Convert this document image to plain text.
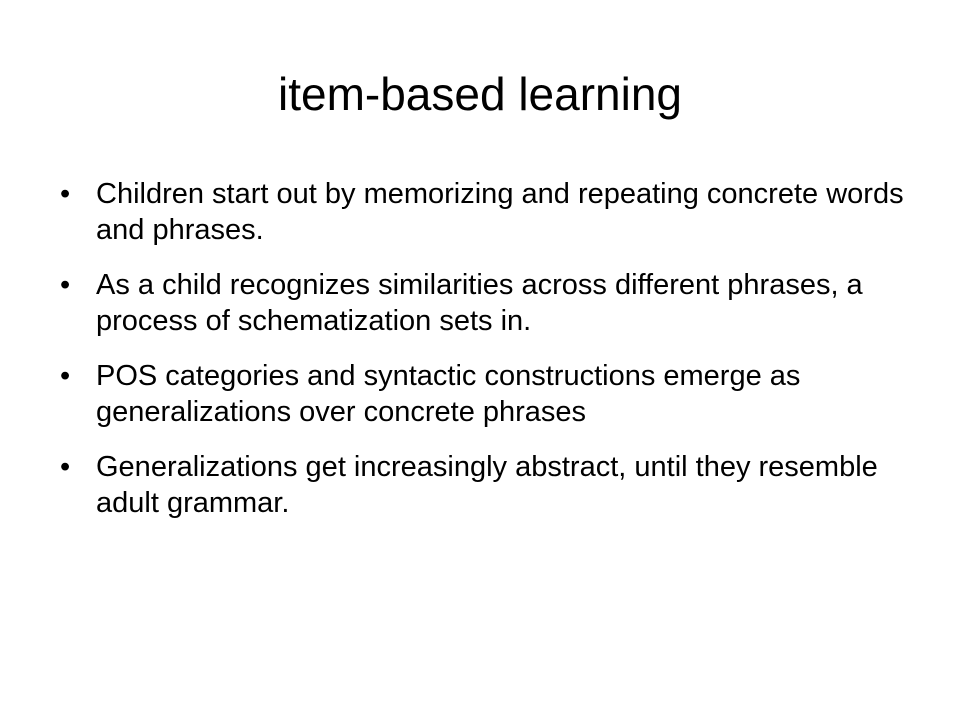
item-based learning
• Children start out by memorizing and repeating concrete words and phrases.
• As a child recognizes similarities across different phrases, a process of schematization sets in.
• POS categories and syntactic constructions emerge as generalizations over concrete phrases
• Generalizations get increasingly abstract, until they resemble adult grammar.
